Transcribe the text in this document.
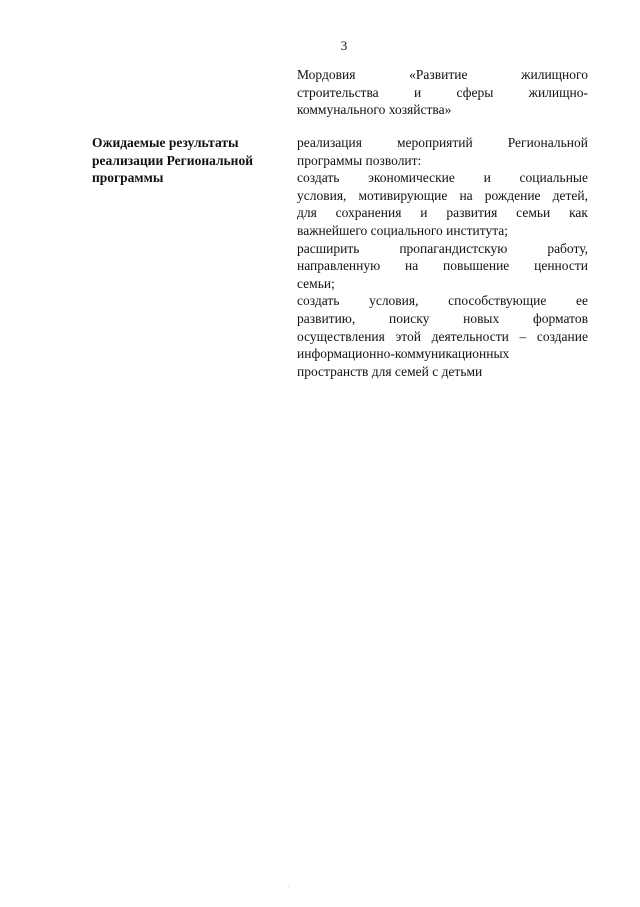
3
Мордовия «Развитие жилищного
строительства и сферы жилищно-
коммунального хозяйства»
Ожидаемые результаты
реализации Региональной
программы

реализация мероприятий Региональной
программы позволит:

создать экономические и социальные
условия, мотивирующие на рождение детей,
для сохранения и развития семьи как
важнейшего социального института;

расширить пропагандистскую работу,
направленную на повышение ценности
семьи;

создать условия, способствующие ее
развитию, поиску новых форматов
осуществления этой деятельности – создание
информационно-коммуникационных
пространств для семей с детьми

.
